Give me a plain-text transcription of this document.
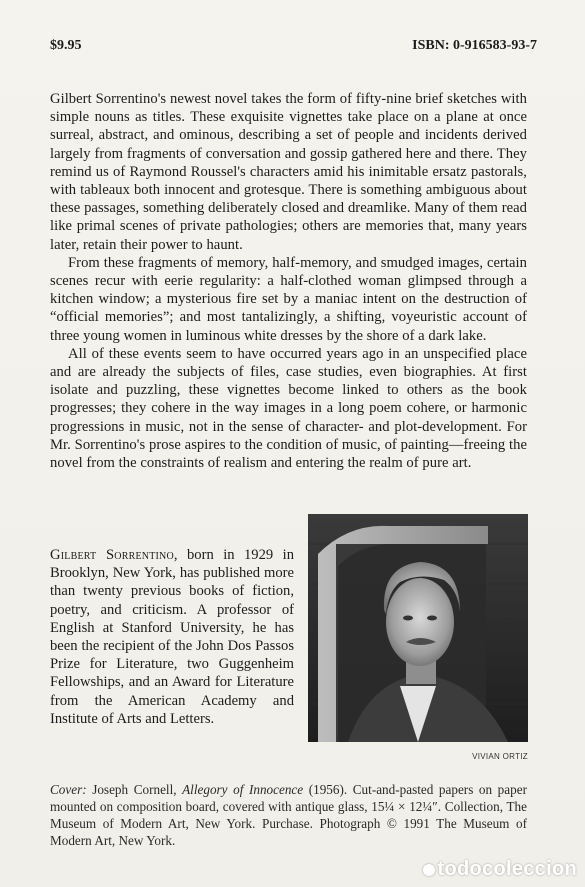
$9.95	ISBN: 0-916583-93-7

Gilbert Sorrentino's newest novel takes the form of fifty-nine brief sketches with simple nouns as titles. These exquisite vignettes take place on a plane at once surreal, abstract, and ominous, describing a set of people and incidents derived largely from fragments of conversation and gossip gathered here and there. They remind us of Raymond Roussel's characters amid his inimitable ersatz pastorals, with tableaux both innocent and grotesque. There is something ambiguous about these passages, something deliberately closed and dreamlike. Many of them read like primal scenes of private pathologies; others are memories that, many years later, retain their power to haunt.

From these fragments of memory, half-memory, and smudged images, certain scenes recur with eerie regularity: a half-clothed woman glimpsed through a kitchen window; a mysterious fire set by a maniac intent on the destruction of “official memories”; and most tantalizingly, a shifting, voyeuristic account of three young women in luminous white dresses by the shore of a dark lake.

All of these events seem to have occurred years ago in an unspecified place and are already the subjects of files, case studies, even biographies. At first isolate and puzzling, these vignettes become linked to others as the book progresses; they cohere in the way images in a long poem cohere, or harmonic progressions in music, not in the sense of character- and plot-development. For Mr. Sorrentino's prose aspires to the condition of music, of painting—freeing the novel from the constraints of realism and entering the realm of pure art.

Gilbert Sorrentino, born in 1929 in Brooklyn, New York, has published more than twenty previous books of fiction, poetry, and criticism. A professor of English at Stanford University, he has been the recipient of the John Dos Passos Prize for Literature, two Guggenheim Fellowships, and an Award for Literature from the American Academy and Institute of Arts and Letters.
VIVIAN ORTIZ
Cover: Joseph Cornell, Allegory of Innocence (1956). Cut-and-pasted papers on paper mounted on composition board, covered with antique glass, 15¼ × 12¼″. Collection, The Museum of Modern Art, New York. Purchase. Photograph © 1991 The Museum of Modern Art, New York.
todocoleccion
